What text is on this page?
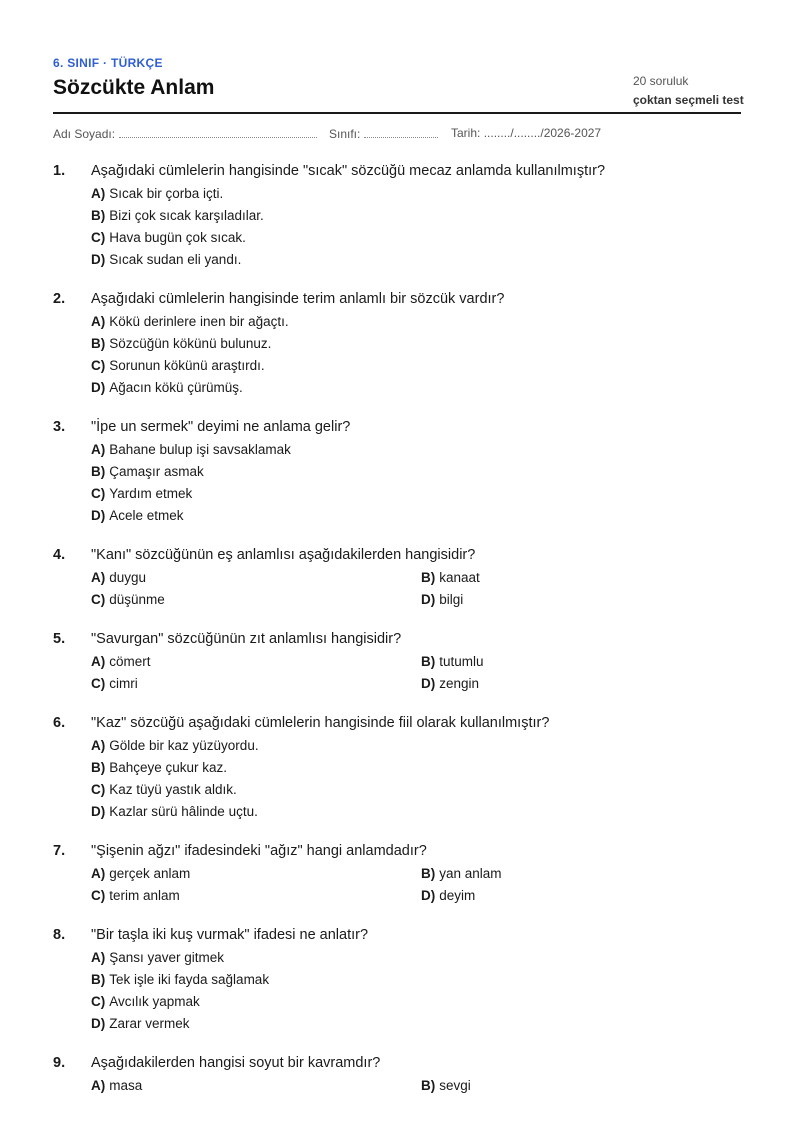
6. SINIF · TÜRKÇE
Sözcükte Anlam	20 soruluk
çoktan seçmeli test
Adı Soyadı:	Sınıfı:	Tarih: ......../......../2026-2027
1.	Aşağıdaki cümlelerin hangisinde "sıcak" sözcüğü mecaz anlamda kullanılmıştır?
A) Sıcak bir çorba içti.
B) Bizi çok sıcak karşıladılar.
C) Hava bugün çok sıcak.
D) Sıcak sudan eli yandı.
2.	Aşağıdaki cümlelerin hangisinde terim anlamlı bir sözcük vardır?
A) Kökü derinlere inen bir ağaçtı.
B) Sözcüğün kökünü bulunuz.
C) Sorunun kökünü araştırdı.
D) Ağacın kökü çürümüş.
3.	"İpe un sermek" deyimi ne anlama gelir?
A) Bahane bulup işi savsaklamak
B) Çamaşır asmak
C) Yardım etmek
D) Acele etmek
4.	"Kanı" sözcüğünün eş anlamlısı aşağıdakilerden hangisidir?
A) duygu	B) kanaat
C) düşünme	D) bilgi
5.	"Savurgan" sözcüğünün zıt anlamlısı hangisidir?
A) cömert	B) tutumlu
C) cimri	D) zengin
6.	"Kaz" sözcüğü aşağıdaki cümlelerin hangisinde fiil olarak kullanılmıştır?
A) Gölde bir kaz yüzüyordu.
B) Bahçeye çukur kaz.
C) Kaz tüyü yastık aldık.
D) Kazlar sürü hâlinde uçtu.
7.	"Şişenin ağzı" ifadesindeki "ağız" hangi anlamdadır?
A) gerçek anlam	B) yan anlam
C) terim anlam	D) deyim
8.	"Bir taşla iki kuş vurmak" ifadesi ne anlatır?
A) Şansı yaver gitmek
B) Tek işle iki fayda sağlamak
C) Avcılık yapmak
D) Zarar vermek
9.	Aşağıdakilerden hangisi soyut bir kavramdır?
A) masa	B) sevgi
